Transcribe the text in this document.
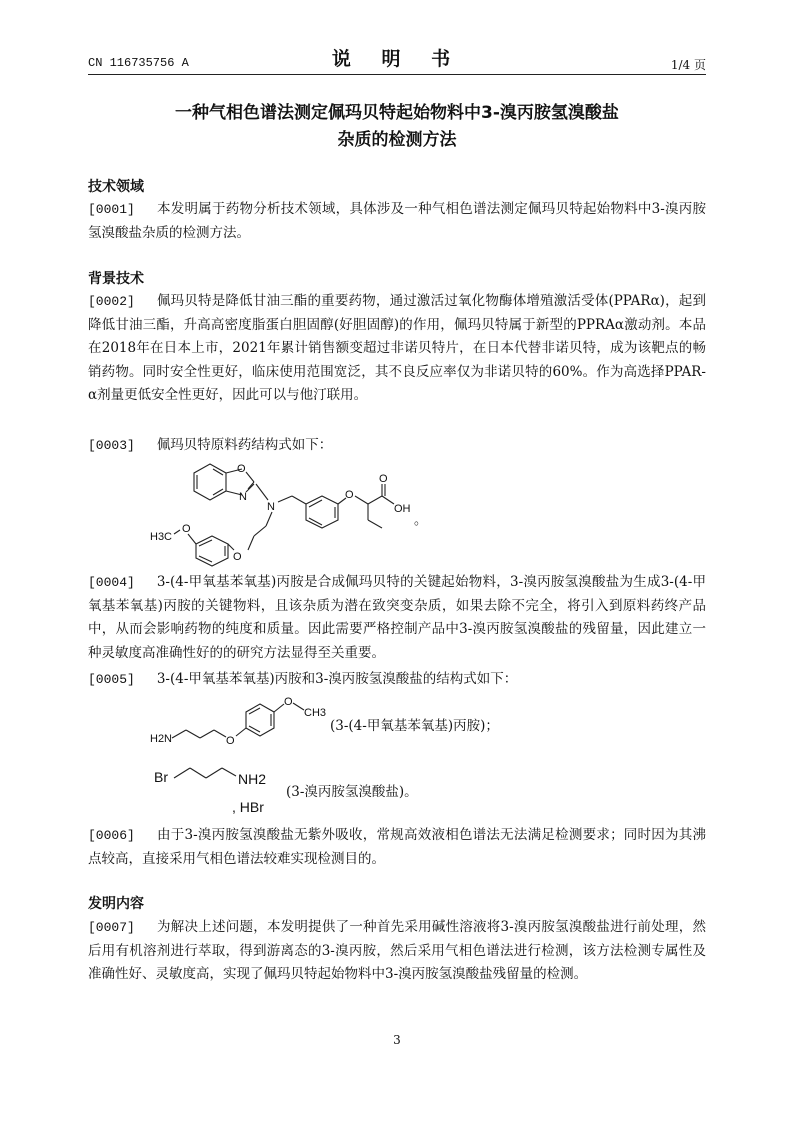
CN 116735756 A	说 明 书	1/4 页
一种气相色谱法测定佩玛贝特起始物料中3-溴丙胺氢溴酸盐
杂质的检测方法
技术领域
[0001] 本发明属于药物分析技术领域，具体涉及一种气相色谱法测定佩玛贝特起始物料中3-溴丙胺氢溴酸盐杂质的检测方法。
背景技术
[0002] 佩玛贝特是降低甘油三酯的重要药物，通过激活过氧化物酶体增殖激活受体(PPARα)，起到降低甘油三酯，升高高密度脂蛋白胆固醇(好胆固醇)的作用，佩玛贝特属于新型的PPRAα激动剂。本品在2018年在日本上市，2021年累计销售额变超过非诺贝特片，在日本代替非诺贝特，成为该靶点的畅销药物。同时安全性更好，临床使用范围宽泛，其不良反应率仅为非诺贝特的60%。作为高选择PPAR-α剂量更低安全性更好，因此可以与他汀联用。
[0003] 佩玛贝特原料药结构式如下：
O
N
N
O
O
OH
O
O
H3C
。
[0004] 3-(4-甲氧基苯氧基)丙胺是合成佩玛贝特的关键起始物料，3-溴丙胺氢溴酸盐为生成3-(4-甲氧基苯氧基)丙胺的关键物料，且该杂质为潜在致突变杂质，如果去除不完全，将引入到原料药终产品中，从而会影响药物的纯度和质量。因此需要严格控制产品中3-溴丙胺氢溴酸盐的残留量，因此建立一种灵敏度高准确性好的的研究方法显得至关重要。
[0005] 3-(4-甲氧基苯氧基)丙胺和3-溴丙胺氢溴酸盐的结构式如下：
H2N	O
O
CH3
(3-(4-甲氧基苯氧基)丙胺)；
Br	NH2
, HBr
(3-溴丙胺氢溴酸盐)。
[0006] 由于3-溴丙胺氢溴酸盐无紫外吸收，常规高效液相色谱法无法满足检测要求；同时因为其沸点较高，直接采用气相色谱法较难实现检测目的。
发明内容
[0007] 为解决上述问题，本发明提供了一种首先采用碱性溶液将3-溴丙胺氢溴酸盐进行前处理，然后用有机溶剂进行萃取，得到游离态的3-溴丙胺，然后采用气相色谱法进行检测，该方法检测专属性及准确性好、灵敏度高，实现了佩玛贝特起始物料中3-溴丙胺氢溴酸盐残留量的检测。
3
